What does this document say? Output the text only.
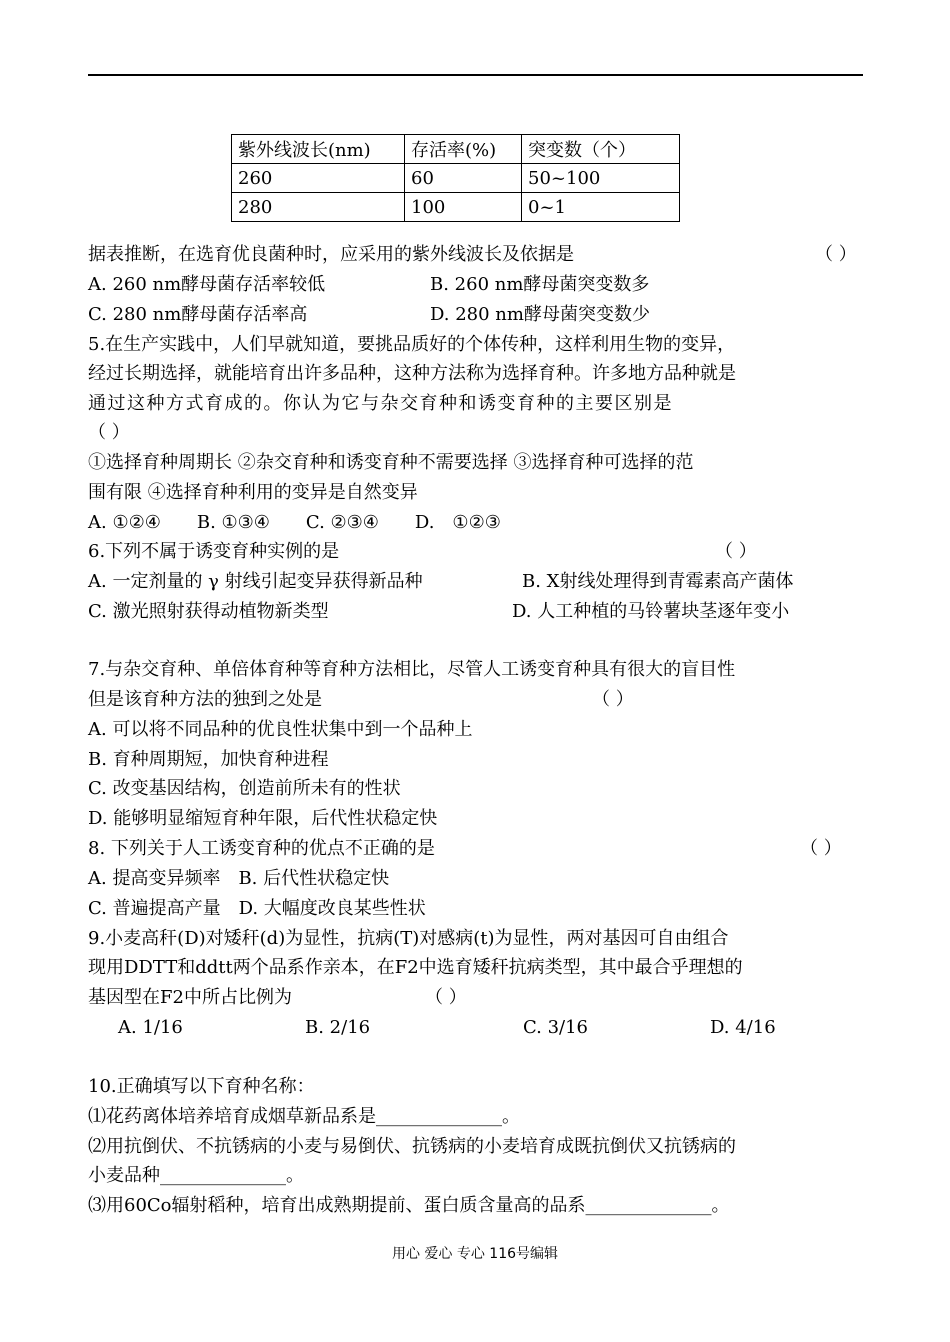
紫外线波长(nm)	存活率(%)	突变数（个）
260	60	50~100
280	100	0~1
据表推断，在选育优良菌种时，应采用的紫外线波长及依据是	（ ）
A. 260 nm酵母菌存活率较低	B. 260 nm酵母菌突变数多
C. 280 nm酵母菌存活率高	D. 280 nm酵母菌突变数少
5.在生产实践中，人们早就知道，要挑品质好的个体传种，这样利用生物的变异，
经过长期选择，就能培育出许多品种，这种方法称为选择育种。许多地方品种就是
通过这种方式育成的。你认为它与杂交育种和诱变育种的主要区别是
（ ）
①选择育种周期长 ②杂交育种和诱变育种不需要选择 ③选择育种可选择的范
围有限 ④选择育种利用的变异是自然变异
A. ①②④　　B. ①③④　　C. ②③④　　D.　①②③
6.下列不属于诱变育种实例的是	（ ）
A. 一定剂量的 γ 射线引起变异获得新品种	B. X射线处理得到青霉素高产菌体
C. 激光照射获得动植物新类型	D. 人工种植的马铃薯块茎逐年变小
7.与杂交育种、单倍体育种等育种方法相比，尽管人工诱变育种具有很大的盲目性
但是该育种方法的独到之处是	（ ）
A. 可以将不同品种的优良性状集中到一个品种上
B. 育种周期短，加快育种进程
C. 改变基因结构，创造前所未有的性状
D. 能够明显缩短育种年限，后代性状稳定快
8. 下列关于人工诱变育种的优点不正确的是	（ ）
A. 提高变异频率　B. 后代性状稳定快
C. 普遍提高产量　D. 大幅度改良某些性状
9.小麦高秆(D)对矮秆(d)为显性，抗病(T)对感病(t)为显性，两对基因可自由组合
现用DDTT和ddtt两个品系作亲本，在F2中选育矮秆抗病类型，其中最合乎理想的
基因型在F2中所占比例为	（ ）
A. 1/16	B. 2/16	C. 3/16	D. 4/16
10.正确填写以下育种名称：
⑴花药离体培养培育成烟草新品系是______________。
⑵用抗倒伏、不抗锈病的小麦与易倒伏、抗锈病的小麦培育成既抗倒伏又抗锈病的
小麦品种______________。
⑶用60Co辐射稻种，培育出成熟期提前、蛋白质含量高的品系______________。
用心 爱心 专心 116号编辑
